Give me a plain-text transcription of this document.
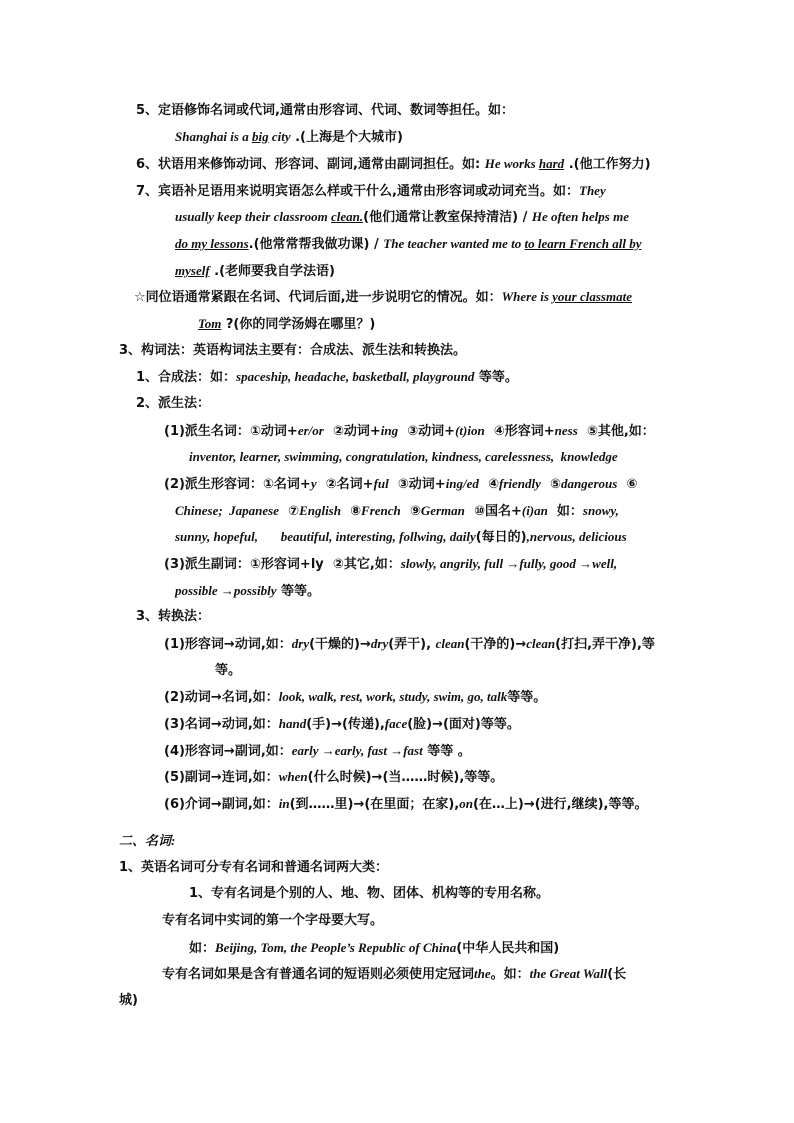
5、定语修饰名词或代词,通常由形容词、代词、数词等担任。如：
Shanghai is a big city .(上海是个大城市)
6、状语用来修饰动词、形容词、副词,通常由副词担任。如: He works hard .(他工作努力)
7、宾语补足语用来说明宾语怎么样或干什么,通常由形容词或动词充当。如：They
usually keep their classroom clean.(他们通常让教室保持清洁) / He often helps me
do my lessons.(他常常帮我做功课) / The teacher wanted me to to learn French all by
myself .(老师要我自学法语)
☆同位语通常紧跟在名词、代词后面,进一步说明它的情况。如：Where is your classmate
Tom ?(你的同学汤姆在哪里？)
3、构词法：英语构词法主要有：合成法、派生法和转换法。
1、合成法：如：spaceship, headache, basketball, playground 等等。
2、派生法：
(1)派生名词：①动词+er/or  ②动词+ing  ③动词+(t)ion  ④形容词+ness  ⑤其他,如：
inventor, learner, swimming, congratulation, kindness, carelessness,  knowledge
(2)派生形容词：①名词+y  ②名词+ful  ③动词+ing/ed  ④friendly  ⑤dangerous  ⑥
Chinese;  Japanese  ⑦English  ⑧French  ⑨German  ⑩国名+(i)an  如：snowy,
sunny, hopeful,       beautiful, interesting, follwing, daily(每日的),nervous, delicious
(3)派生副词：①形容词+ly  ②其它,如：slowly, angrily, full →fully, good →well,
possible →possibly 等等。
3、转换法：
(1)形容词→动词,如：dry(干燥的)→dry(弄干), clean(干净的)→clean(打扫,弄干净),等
等。
(2)动词→名词,如：look, walk, rest, work, study, swim, go, talk等等。
(3)名词→动词,如：hand(手)→(传递),face(脸)→(面对)等等。
(4)形容词→副词,如：early →early, fast →fast 等等 。
(5)副词→连词,如：when(什么时候)→(当……时候),等等。
(6)介词→副词,如：in(到……里)→(在里面；在家),on(在…上)→(进行,继续),等等。
二、名词:
1、英语名词可分专有名词和普通名词两大类：
1、专有名词是个别的人、地、物、团体、机构等的专用名称。
专有名词中实词的第一个字母要大写。
如：Beijing, Tom, the People’s Republic of China(中华人民共和国)
专有名词如果是含有普通名词的短语则必须使用定冠词the。如：the Great Wall(长
城)
